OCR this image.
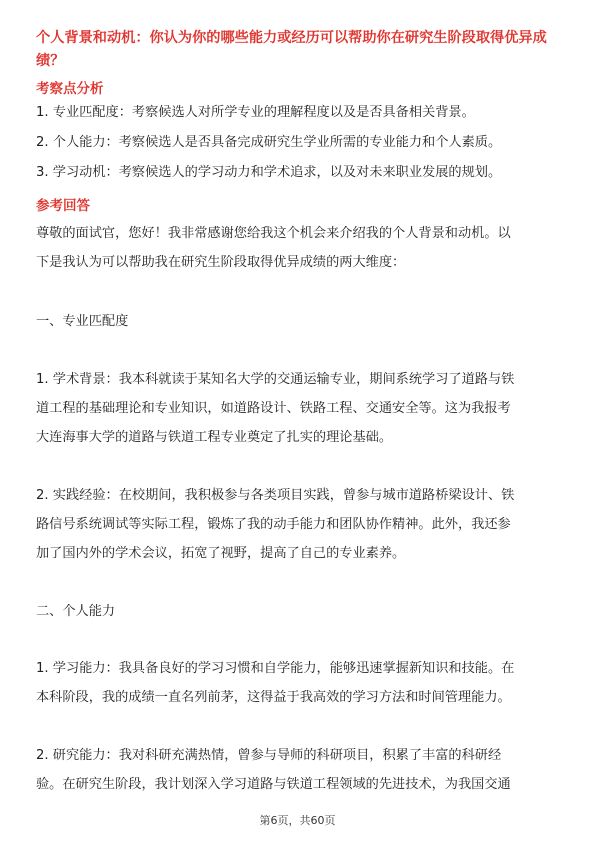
个人背景和动机：你认为你的哪些能力或经历可以帮助你在研究生阶段取得优异成绩？

考察点分析

1. 专业匹配度：考察候选人对所学专业的理解程度以及是否具备相关背景。

2. 个人能力：考察候选人是否具备完成研究生学业所需的专业能力和个人素质。

3. 学习动机：考察候选人的学习动力和学术追求，以及对未来职业发展的规划。

参考回答

尊敬的面试官，您好！我非常感谢您给我这个机会来介绍我的个人背景和动机。以

下是我认为可以帮助我在研究生阶段取得优异成绩的两大维度：

一、专业匹配度

1. 学术背景：我本科就读于某知名大学的交通运输专业，期间系统学习了道路与铁

道工程的基础理论和专业知识，如道路设计、铁路工程、交通安全等。这为我报考

大连海事大学的道路与铁道工程专业奠定了扎实的理论基础。

2. 实践经验：在校期间，我积极参与各类项目实践，曾参与城市道路桥梁设计、铁

路信号系统调试等实际工程，锻炼了我的动手能力和团队协作精神。此外，我还参

加了国内外的学术会议，拓宽了视野，提高了自己的专业素养。

二、个人能力

1. 学习能力：我具备良好的学习习惯和自学能力，能够迅速掌握新知识和技能。在

本科阶段，我的成绩一直名列前茅，这得益于我高效的学习方法和时间管理能力。

2. 研究能力：我对科研充满热情，曾参与导师的科研项目，积累了丰富的科研经

验。在研究生阶段，我计划深入学习道路与铁道工程领域的先进技术，为我国交通

第6页，共60页
